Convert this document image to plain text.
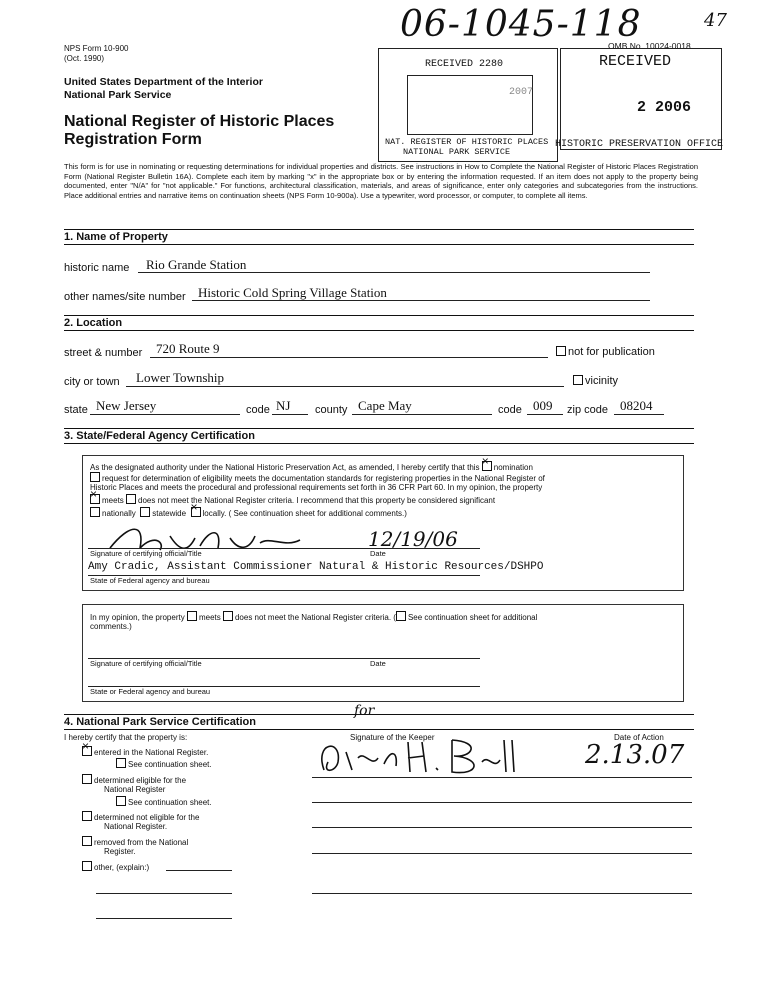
NPS Form 10-900
(Oct. 1990)
06-1045-118	47
OMB No. 10024-0018
United States Department of the Interior
National Park Service
National Register of Historic Places
Registration Form
RECEIVED 2280
2007
NAT. REGISTER OF HISTORIC PLACES
NATIONAL PARK SERVICE
RECEIVED
2 2006
HISTORIC PRESERVATION OFFICE
This form is for use in nominating or requesting determinations for individual properties and districts. See instructions in How to Complete the National Register of Historic Places Registration Form (National Register Bulletin 16A). Complete each item by marking "x" in the appropriate box or by entering the information requested. If an item does not apply to the property being documented, enter "N/A" for "not applicable." For functions, architectural classification, materials, and areas of significance, enter only categories and subcategories from the instructions. Place additional entries and narrative items on continuation sheets (NPS Form 10-900a). Use a typewriter, word processor, or computer, to complete all items.
1. Name of Property
historic name Rio Grande Station
other names/site number Historic Cold Spring Village Station
2. Location
street & number 720 Route 9	not for publication
city or town Lower Township	vicinity
state New Jersey	code NJ county Cape May	code 009 zip code 08204
3. State/Federal Agency Certification
As the designated authority under the National Historic Preservation Act, as amended, I hereby certify that this × nomination
request for determination of eligibility meets the documentation standards for registering properties in the National Register of
Historic Places and meets the procedural and professional requirements set forth in 36 CFR Part 60. In my opinion, the property
×meets does not meet the National Register criteria. I recommend that this property be considered significant
nationally statewide × locally. ( See continuation sheet for additional comments.)
12/19/06
Signature of certifying official/Title	Date
Amy Cradic, Assistant Commissioner Natural & Historic Resources/DSHPO
State of Federal agency and bureau
In my opinion, the property meets does not meet the National Register criteria. ( See continuation sheet for additional
comments.)
Signature of certifying official/Title	Date
State or Federal agency and bureau
4. National Park Service Certification
for
I hereby certify that the property is:
×entered in the National Register.
See continuation sheet.
determined eligible for the
National Register
See continuation sheet.
determined not eligible for the
National Register.
removed from the National
Register.
other, (explain:)
Signature of the Keeper	Date of Action
2.13.07
